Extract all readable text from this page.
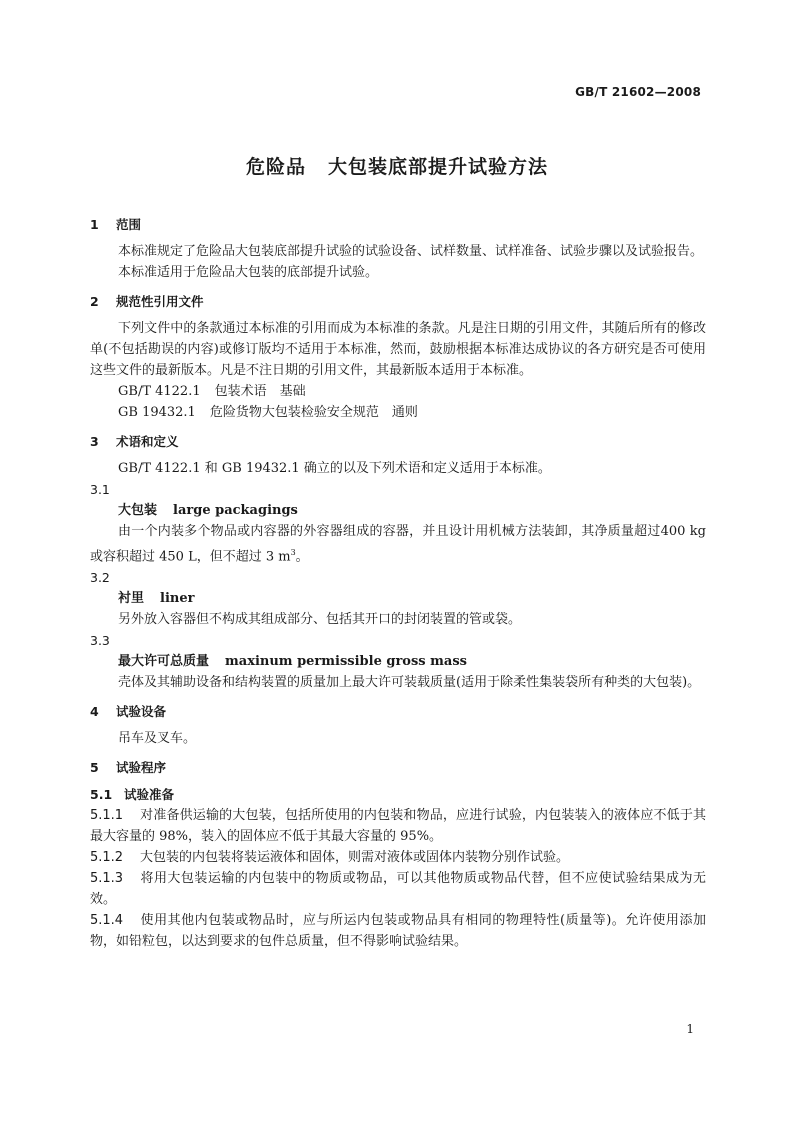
GB/T 21602—2008
危险品 大包装底部提升试验方法
1 范围
本标准规定了危险品大包装底部提升试验的试验设备、试样数量、试样准备、试验步骤以及试验报告。
本标准适用于危险品大包装的底部提升试验。
2 规范性引用文件
下列文件中的条款通过本标准的引用而成为本标准的条款。凡是注日期的引用文件，其随后所有的修改单(不包括勘误的内容)或修订版均不适用于本标准，然而，鼓励根据本标准达成协议的各方研究是否可使用这些文件的最新版本。凡是不注日期的引用文件，其最新版本适用于本标准。
GB/T 4122.1 包装术语　基础
GB 19432.1 危险货物大包装检验安全规范　通则
3 术语和定义
GB/T 4122.1 和 GB 19432.1 确立的以及下列术语和定义适用于本标准。
3.1
大包装 large packagings
由一个内装多个物品或内容器的外容器组成的容器，并且设计用机械方法装卸，其净质量超过400 kg 或容积超过 450 L，但不超过 3 $m^3$。
3.2
衬里 liner
另外放入容器但不构成其组成部分、包括其开口的封闭装置的管或袋。
3.3
最大许可总质量 maxinum permissible gross mass
壳体及其辅助设备和结构装置的质量加上最大许可装载质量(适用于除柔性集装袋所有种类的大包装)。
4 试验设备
吊车及叉车。
5 试验程序
5.1 试验准备
5.1.1 对准备供运输的大包装，包括所使用的内包装和物品，应进行试验，内包装装入的液体应不低于其最大容量的 98%，装入的固体应不低于其最大容量的 95%。
5.1.2 大包装的内包装将装运液体和固体，则需对液体或固体内装物分别作试验。
5.1.3 将用大包装运输的内包装中的物质或物品，可以其他物质或物品代替，但不应使试验结果成为无效。
5.1.4 使用其他内包装或物品时，应与所运内包装或物品具有相同的物理特性(质量等)。允许使用添加物，如铅粒包，以达到要求的包件总质量，但不得影响试验结果。
1
